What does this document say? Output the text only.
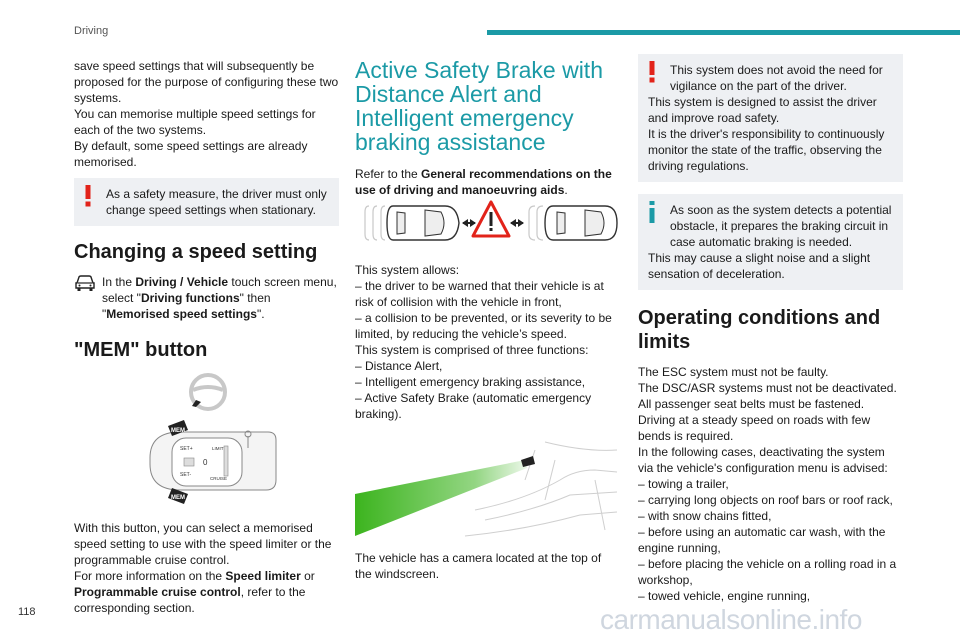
Driving

save speed settings that will subsequently be proposed for the purpose of configuring these two systems.

You can memorise multiple speed settings for each of the two systems.

By default, some speed settings are already memorised.

As a safety measure, the driver must only change speed settings when stationary.

Changing a speed setting

In the Driving / Vehicle touch screen menu, select "Driving functions" then "Memorised speed settings".

"MEM" button
MEM
MEM
SET+
SET-
LIMIT
CRUISE
0

With this button, you can select a memorised speed setting to use with the speed limiter or the programmable cruise control.

For more information on the Speed limiter or Programmable cruise control, refer to the corresponding section.

Active Safety Brake with Distance Alert and Intelligent emergency braking assistance

Refer to the General recommendations on the use of driving and manoeuvring aids.

This system allows:

– the driver to be warned that their vehicle is at risk of collision with the vehicle in front,

– a collision to be prevented, or its severity to be limited, by reducing the vehicle’s speed.

This system is comprised of three functions:

– Distance Alert,

– Intelligent emergency braking assistance,

– Active Safety Brake (automatic emergency braking).

The vehicle has a camera located at the top of the windscreen.

This system does not avoid the need for vigilance on the part of the driver.

This system is designed to assist the driver and improve road safety.

It is the driver's responsibility to continuously monitor the state of the traffic, observing the driving regulations.

As soon as the system detects a potential obstacle, it prepares the braking circuit in case automatic braking is needed.

This may cause a slight noise and a slight sensation of deceleration.

Operating conditions and limits

The ESC system must not be faulty.

The DSC/ASR systems must not be deactivated.

All passenger seat belts must be fastened.

Driving at a steady speed on roads with few bends is required.

In the following cases, deactivating the system via the vehicle's configuration menu is advised:

– towing a trailer,

– carrying long objects on roof bars or roof rack,

– with snow chains fitted,

– before using an automatic car wash, with the engine running,

– before placing the vehicle on a rolling road in a workshop,

– towed vehicle, engine running,

118	carmanualsonline.info
